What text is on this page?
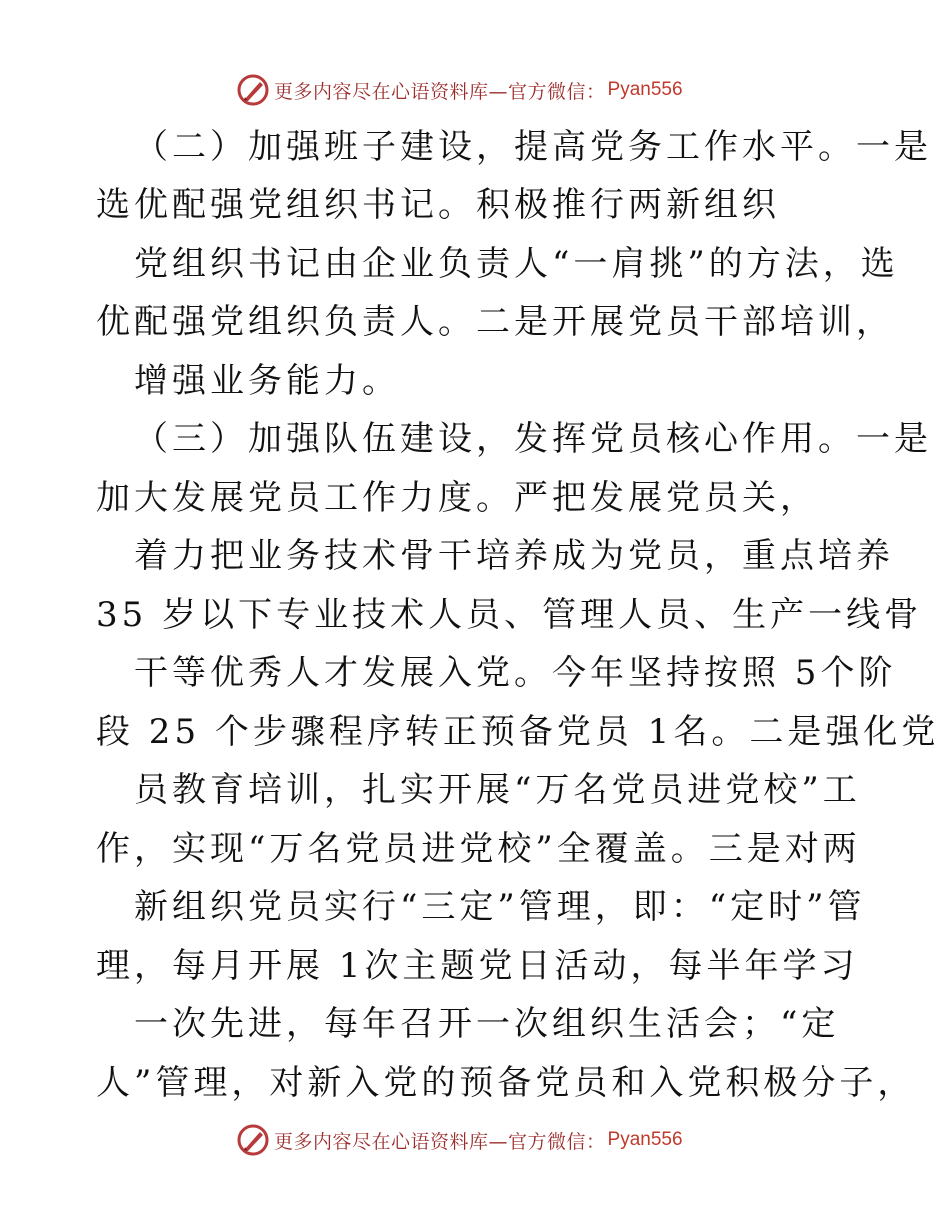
更多内容尽在心语资料库—官方微信： Pyan556
（二）加强班子建设，提高党务工作水平。一是
选优配强党组织书记。积极推行两新组织
党组织书记由企业负责人“一肩挑”的方法，选
优配强党组织负责人。二是开展党员干部培训，
增强业务能力。
（三）加强队伍建设，发挥党员核心作用。一是
加大发展党员工作力度。严把发展党员关，
着力把业务技术骨干培养成为党员，重点培养
35 岁以下专业技术人员、管理人员、生产一线骨
干等优秀人才发展入党。今年坚持按照 5个阶
段 25 个步骤程序转正预备党员 1名。二是强化党
员教育培训，扎实开展“万名党员进党校”工
作，实现“万名党员进党校”全覆盖。三是对两
新组织党员实行“三定”管理，即：“定时”管
理，每月开展 1次主题党日活动，每半年学习
一次先进，每年召开一次组织生活会；“定
人”管理，对新入党的预备党员和入党积极分子，
更多内容尽在心语资料库—官方微信： Pyan556
